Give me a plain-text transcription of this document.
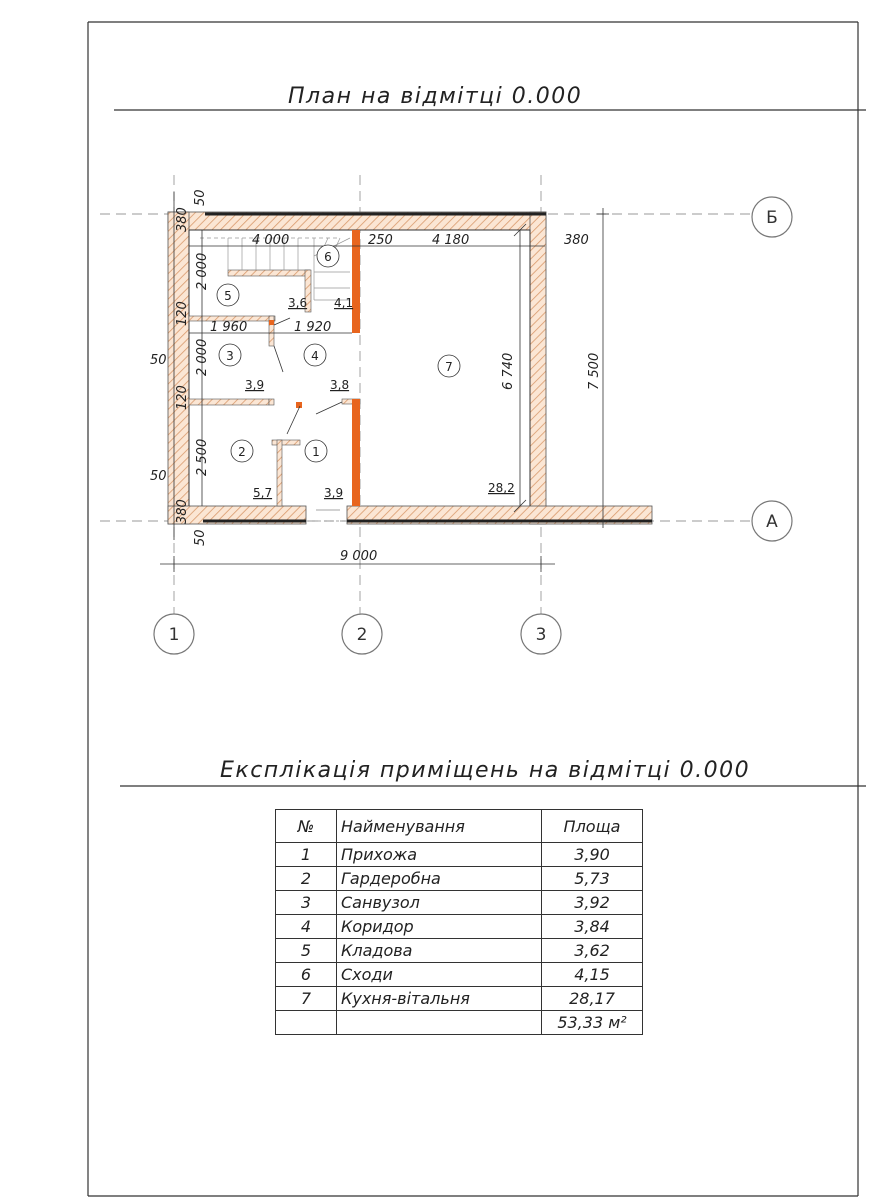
Б
А
1	2	3
4 000	250	4 180	380
1 960	1 920
9 000
6 740	7 500
50
380
2 000
120
50 2 000
120
2 500
50
380
50
1
2
3	4
5
6
7
3,9
5,7
3,9	3,8
3,6 4,1
28,2
План на відмітці 0.000
Експлікація приміщень на відмітці 0.000
№	Найменування	Площа
1	Прихожа	3,90
2	Гардеробна	5,73
3	Санвузол	3,92
4	Коридор	3,84
5	Кладова	3,62
6	Сходи	4,15
7	Кухня-вітальня	28,17
		53,33 м²
